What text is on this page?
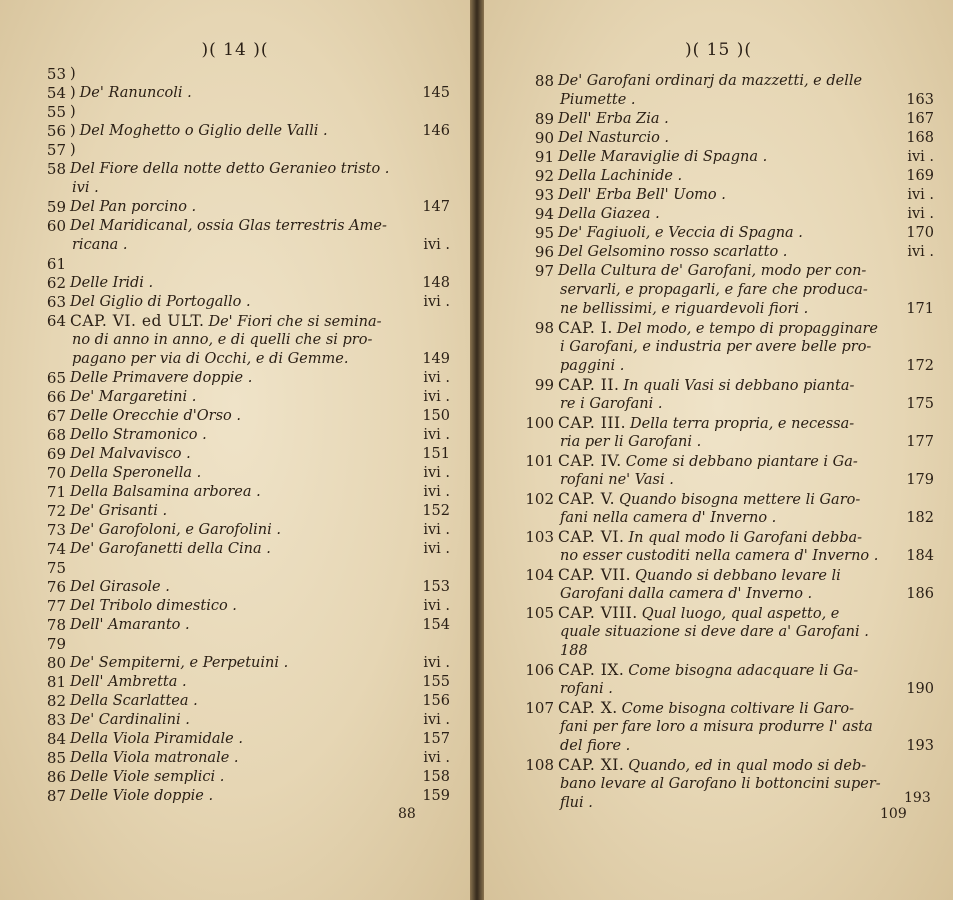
)( 14 )(
53 )
54 ) De' Ranuncoli .	145
55 )
56 ) Del Moghetto o Giglio delle Valli .	146
57 )
58 Del Fiore della notte detto Geranieo tristo .
ivi .
59 Del Pan porcino .	147
60 Del Maridicanal, ossia Glas terrestris Ame-
ricana .	ivi .
61
62 Delle Iridi .	148
63 Del Giglio di Portogallo .	ivi .
64 CAP. VI. ed ULT. De' Fiori che si semina-
no di anno in anno, e di quelli che si pro-
pagano per via di Occhi, e di Gemme.	149
65 Delle Primavere doppie .	ivi .
66 De' Margaretini .	ivi .
67 Delle Orecchie d'Orso .	150
68 Dello Stramonico .	ivi .
69 Del Malvavisco .	151
70 Della Speronella .	ivi .
71 Della Balsamina arborea .	ivi .
72 De' Grisanti .	152
73 De' Garofoloni, e Garofolini .	ivi .
74 De' Garofanetti della Cina .	ivi .
75
76 Del Girasole .	153
77 Del Tribolo dimestico .	ivi .
78 Dell' Amaranto .	154
79
80 De' Sempiterni, e Perpetuini .	ivi .
81 Dell' Ambretta .	155
82 Della Scarlattea .	156
83 De' Cardinalini .	ivi .
84 Della Viola Piramidale .	157
85 Della Viola matronale .	ivi .
86 Delle Viole semplici .	158
87 Delle Viole doppie .	159
88
)( 15 )(
88 De' Garofani ordinarj da mazzetti, e delle
Piumette .	163
89 Dell' Erba Zia .	167
90 Del Nasturcio .	168
91 Delle Maraviglie di Spagna .	ivi .
92 Della Lachinide .	169
93 Dell' Erba Bell' Uomo .	ivi .
94 Della Giazea .	ivi .
95 De' Fagiuoli, e Veccia di Spagna .	170
96 Del Gelsomino rosso scarlatto .	ivi .
97 Della Cultura de' Garofani, modo per con-
servarli, e propagarli, e fare che produca-
ne bellissimi, e riguardevoli fiori .	171
98 CAP. I. Del modo, e tempo di propagginare
i Garofani, e industria per avere belle pro-
paggini .	172
99 CAP. II. In quali Vasi si debbano pianta-
re i Garofani .	175
100 CAP. III. Della terra propria, e necessa-
ria per li Garofani .	177
101 CAP. IV. Come si debbano piantare i Ga-
rofani ne' Vasi .	179
102 CAP. V. Quando bisogna mettere li Garo-
fani nella camera d' Inverno .	182
103 CAP. VI. In qual modo li Garofani debba-
no esser custoditi nella camera d' Inverno .	184
104 CAP. VII. Quando si debbano levare li
Garofani dalla camera d' Inverno .	186
105 CAP. VIII. Qual luogo, qual aspetto, e
quale situazione si deve dare a' Garofani .
188
106 CAP. IX. Come bisogna adacquare li Ga-
rofani .	190
107 CAP. X. Come bisogna coltivare li Garo-
fani per fare loro a misura produrre l' asta
del fiore .	193
108 CAP. XI. Quando, ed in qual modo si deb-
bano levare al Garofano li bottoncini super-
flui .	193
109
